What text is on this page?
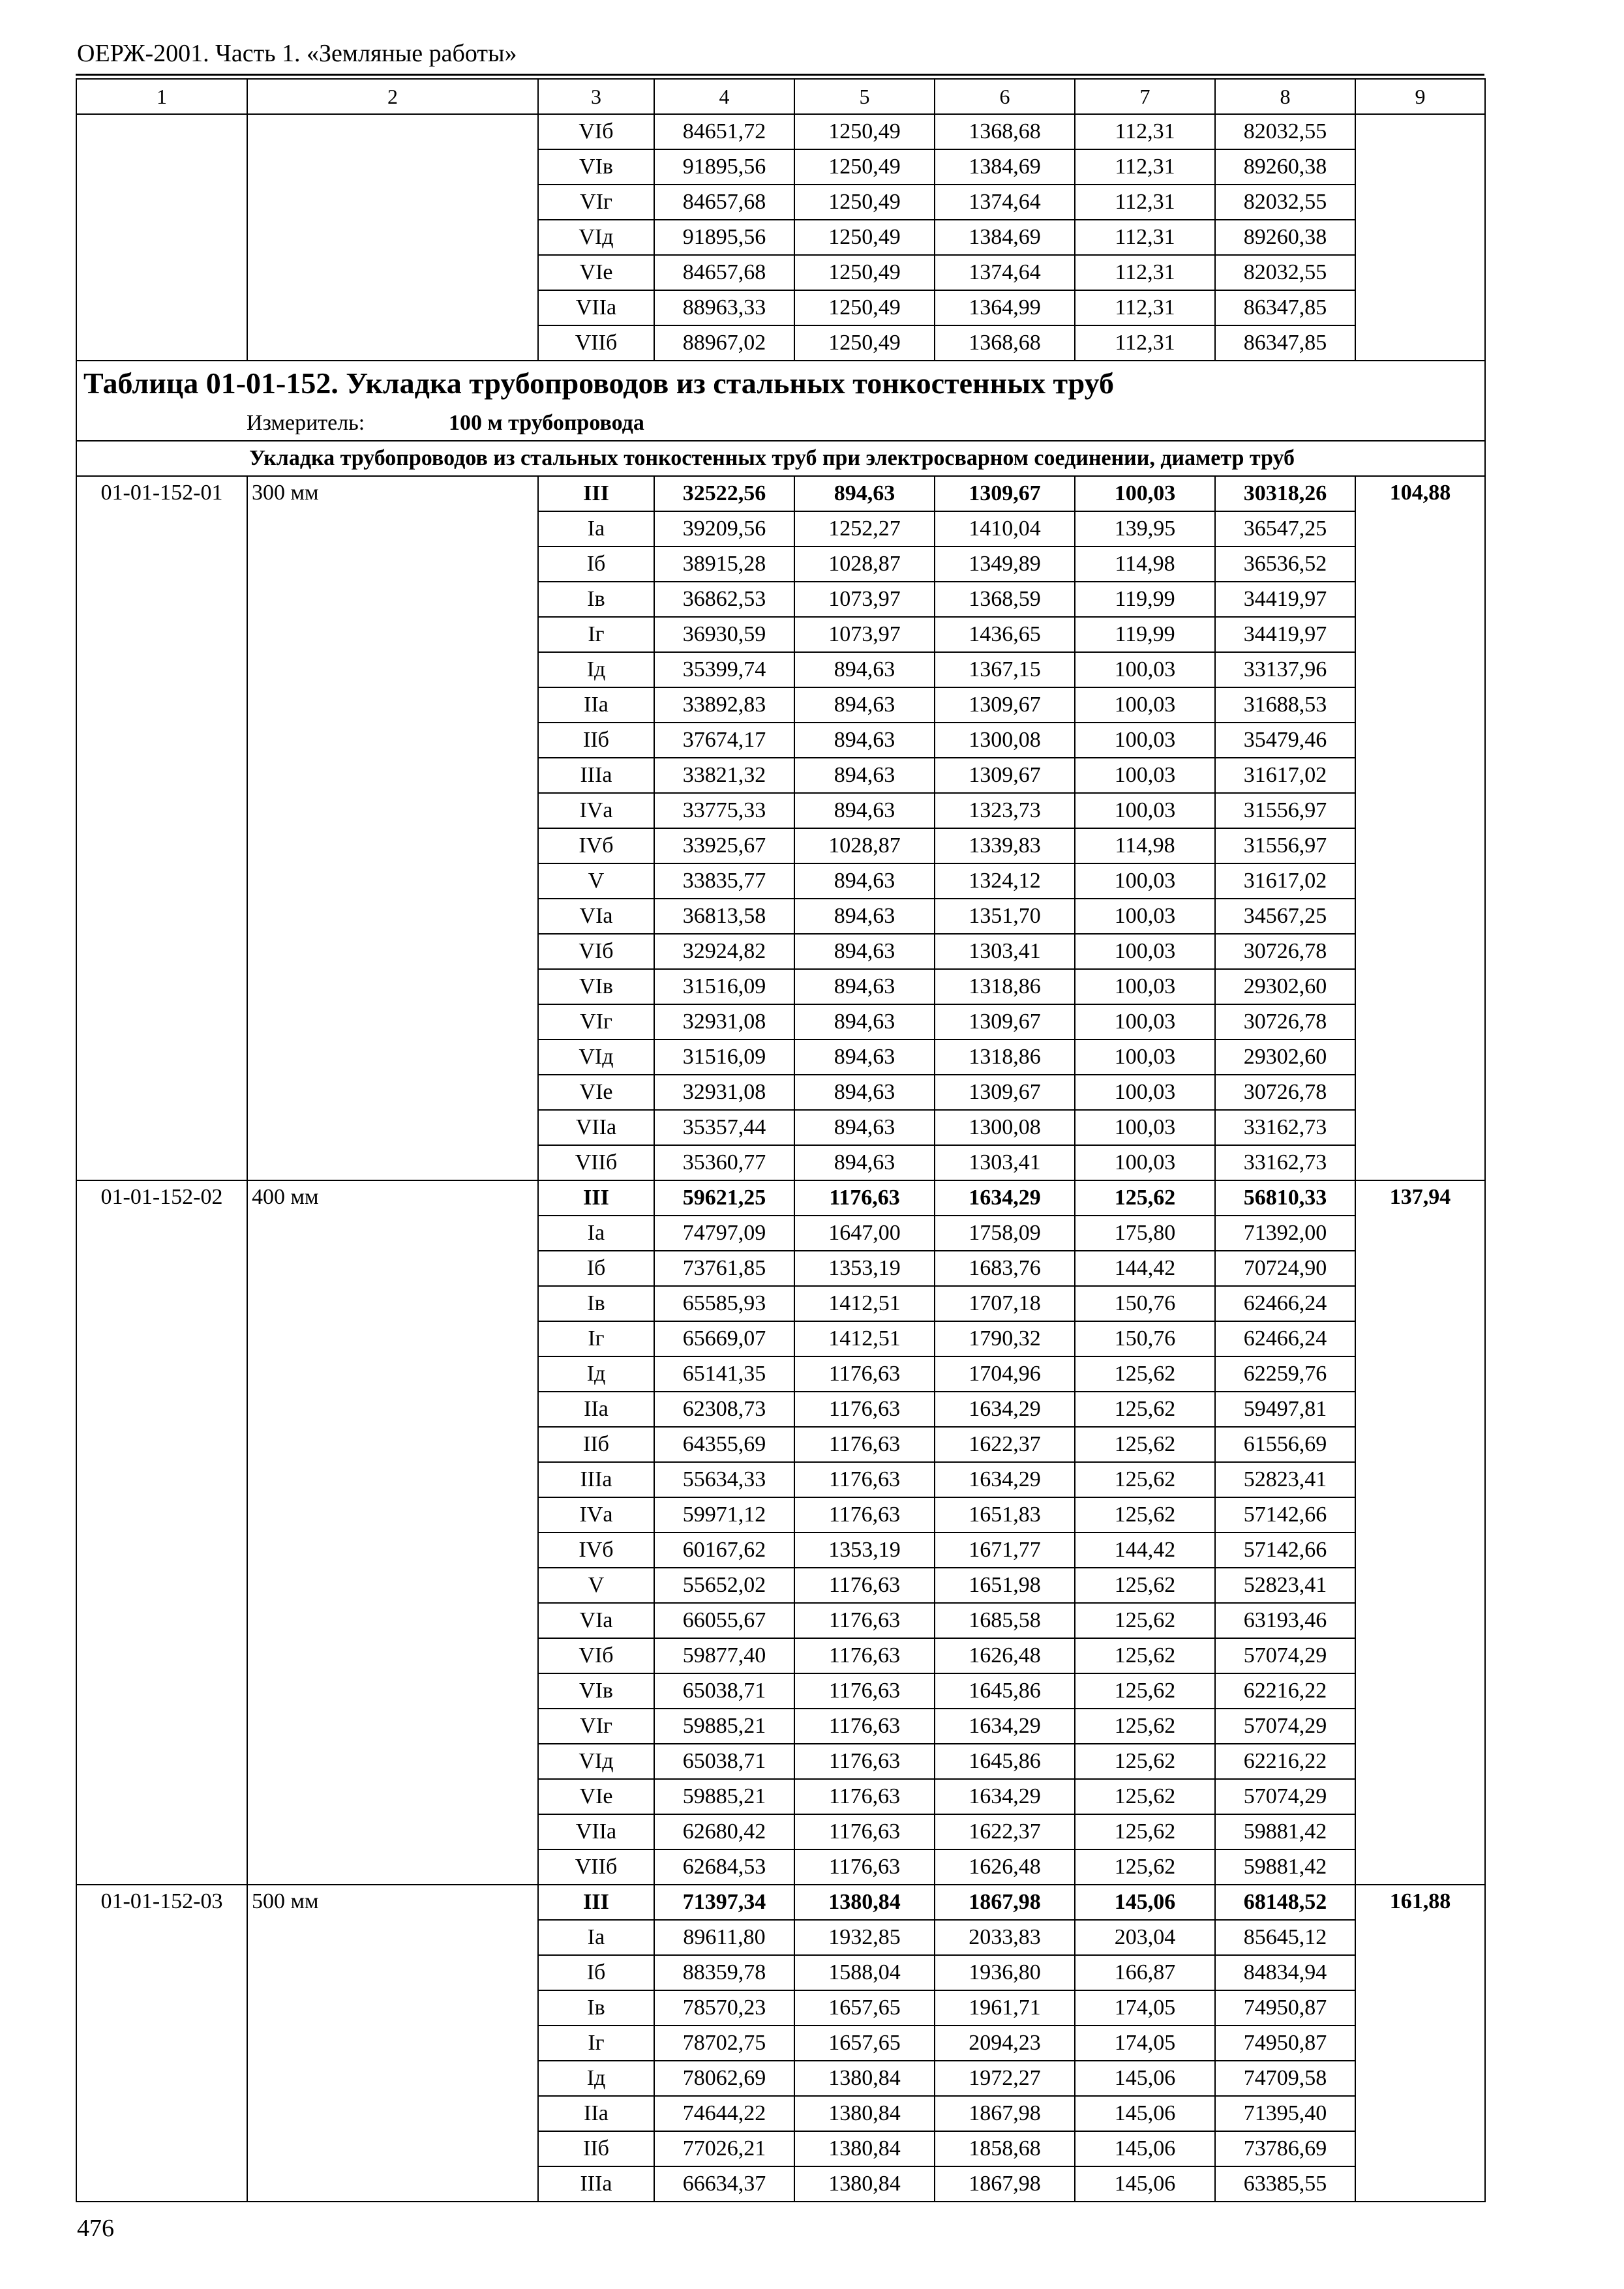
ОЕРЖ-2001. Часть 1. «Земляные работы»
1	2	3	4	5	6	7	8	9
		VIб	84651,72	1250,49	1368,68	112,31	82032,55	
		VIв	91895,56	1250,49	1384,69	112,31	89260,38	
		VIг	84657,68	1250,49	1374,64	112,31	82032,55	
		VIд	91895,56	1250,49	1384,69	112,31	89260,38	
		VIе	84657,68	1250,49	1374,64	112,31	82032,55	
		VIIа	88963,33	1250,49	1364,99	112,31	86347,85	
		VIIб	88967,02	1250,49	1368,68	112,31	86347,85	
Таблица 01-01-152. Укладка трубопроводов из стальных тонкостенных труб								
Измеритель: 100 м трубопровода								
Укладка трубопроводов из стальных тонкостенных труб при электросварном соединении, диаметр труб								
01-01-152-01	300 мм	III	32522,56	894,63	1309,67	100,03	30318,26	104,88
		Iа	39209,56	1252,27	1410,04	139,95	36547,25	
		Iб	38915,28	1028,87	1349,89	114,98	36536,52	
		Iв	36862,53	1073,97	1368,59	119,99	34419,97	
		Iг	36930,59	1073,97	1436,65	119,99	34419,97	
		Iд	35399,74	894,63	1367,15	100,03	33137,96	
		IIа	33892,83	894,63	1309,67	100,03	31688,53	
		IIб	37674,17	894,63	1300,08	100,03	35479,46	
		IIIа	33821,32	894,63	1309,67	100,03	31617,02	
		IVа	33775,33	894,63	1323,73	100,03	31556,97	
		IVб	33925,67	1028,87	1339,83	114,98	31556,97	
		V	33835,77	894,63	1324,12	100,03	31617,02	
		VIа	36813,58	894,63	1351,70	100,03	34567,25	
		VIб	32924,82	894,63	1303,41	100,03	30726,78	
		VIв	31516,09	894,63	1318,86	100,03	29302,60	
		VIг	32931,08	894,63	1309,67	100,03	30726,78	
		VIд	31516,09	894,63	1318,86	100,03	29302,60	
		VIе	32931,08	894,63	1309,67	100,03	30726,78	
		VIIа	35357,44	894,63	1300,08	100,03	33162,73	
		VIIб	35360,77	894,63	1303,41	100,03	33162,73	
01-01-152-02	400 мм	III	59621,25	1176,63	1634,29	125,62	56810,33	137,94
		Iа	74797,09	1647,00	1758,09	175,80	71392,00	
		Iб	73761,85	1353,19	1683,76	144,42	70724,90	
		Iв	65585,93	1412,51	1707,18	150,76	62466,24	
		Iг	65669,07	1412,51	1790,32	150,76	62466,24	
		Iд	65141,35	1176,63	1704,96	125,62	62259,76	
		IIа	62308,73	1176,63	1634,29	125,62	59497,81	
		IIб	64355,69	1176,63	1622,37	125,62	61556,69	
		IIIа	55634,33	1176,63	1634,29	125,62	52823,41	
		IVа	59971,12	1176,63	1651,83	125,62	57142,66	
		IVб	60167,62	1353,19	1671,77	144,42	57142,66	
		V	55652,02	1176,63	1651,98	125,62	52823,41	
		VIа	66055,67	1176,63	1685,58	125,62	63193,46	
		VIб	59877,40	1176,63	1626,48	125,62	57074,29	
		VIв	65038,71	1176,63	1645,86	125,62	62216,22	
		VIг	59885,21	1176,63	1634,29	125,62	57074,29	
		VIд	65038,71	1176,63	1645,86	125,62	62216,22	
		VIе	59885,21	1176,63	1634,29	125,62	57074,29	
		VIIа	62680,42	1176,63	1622,37	125,62	59881,42	
		VIIб	62684,53	1176,63	1626,48	125,62	59881,42	
01-01-152-03	500 мм	III	71397,34	1380,84	1867,98	145,06	68148,52	161,88
		Iа	89611,80	1932,85	2033,83	203,04	85645,12	
		Iб	88359,78	1588,04	1936,80	166,87	84834,94	
		Iв	78570,23	1657,65	1961,71	174,05	74950,87	
		Iг	78702,75	1657,65	2094,23	174,05	74950,87	
		Iд	78062,69	1380,84	1972,27	145,06	74709,58	
		IIа	74644,22	1380,84	1867,98	145,06	71395,40	
		IIб	77026,21	1380,84	1858,68	145,06	73786,69	
		IIIа	66634,37	1380,84	1867,98	145,06	63385,55	
476
